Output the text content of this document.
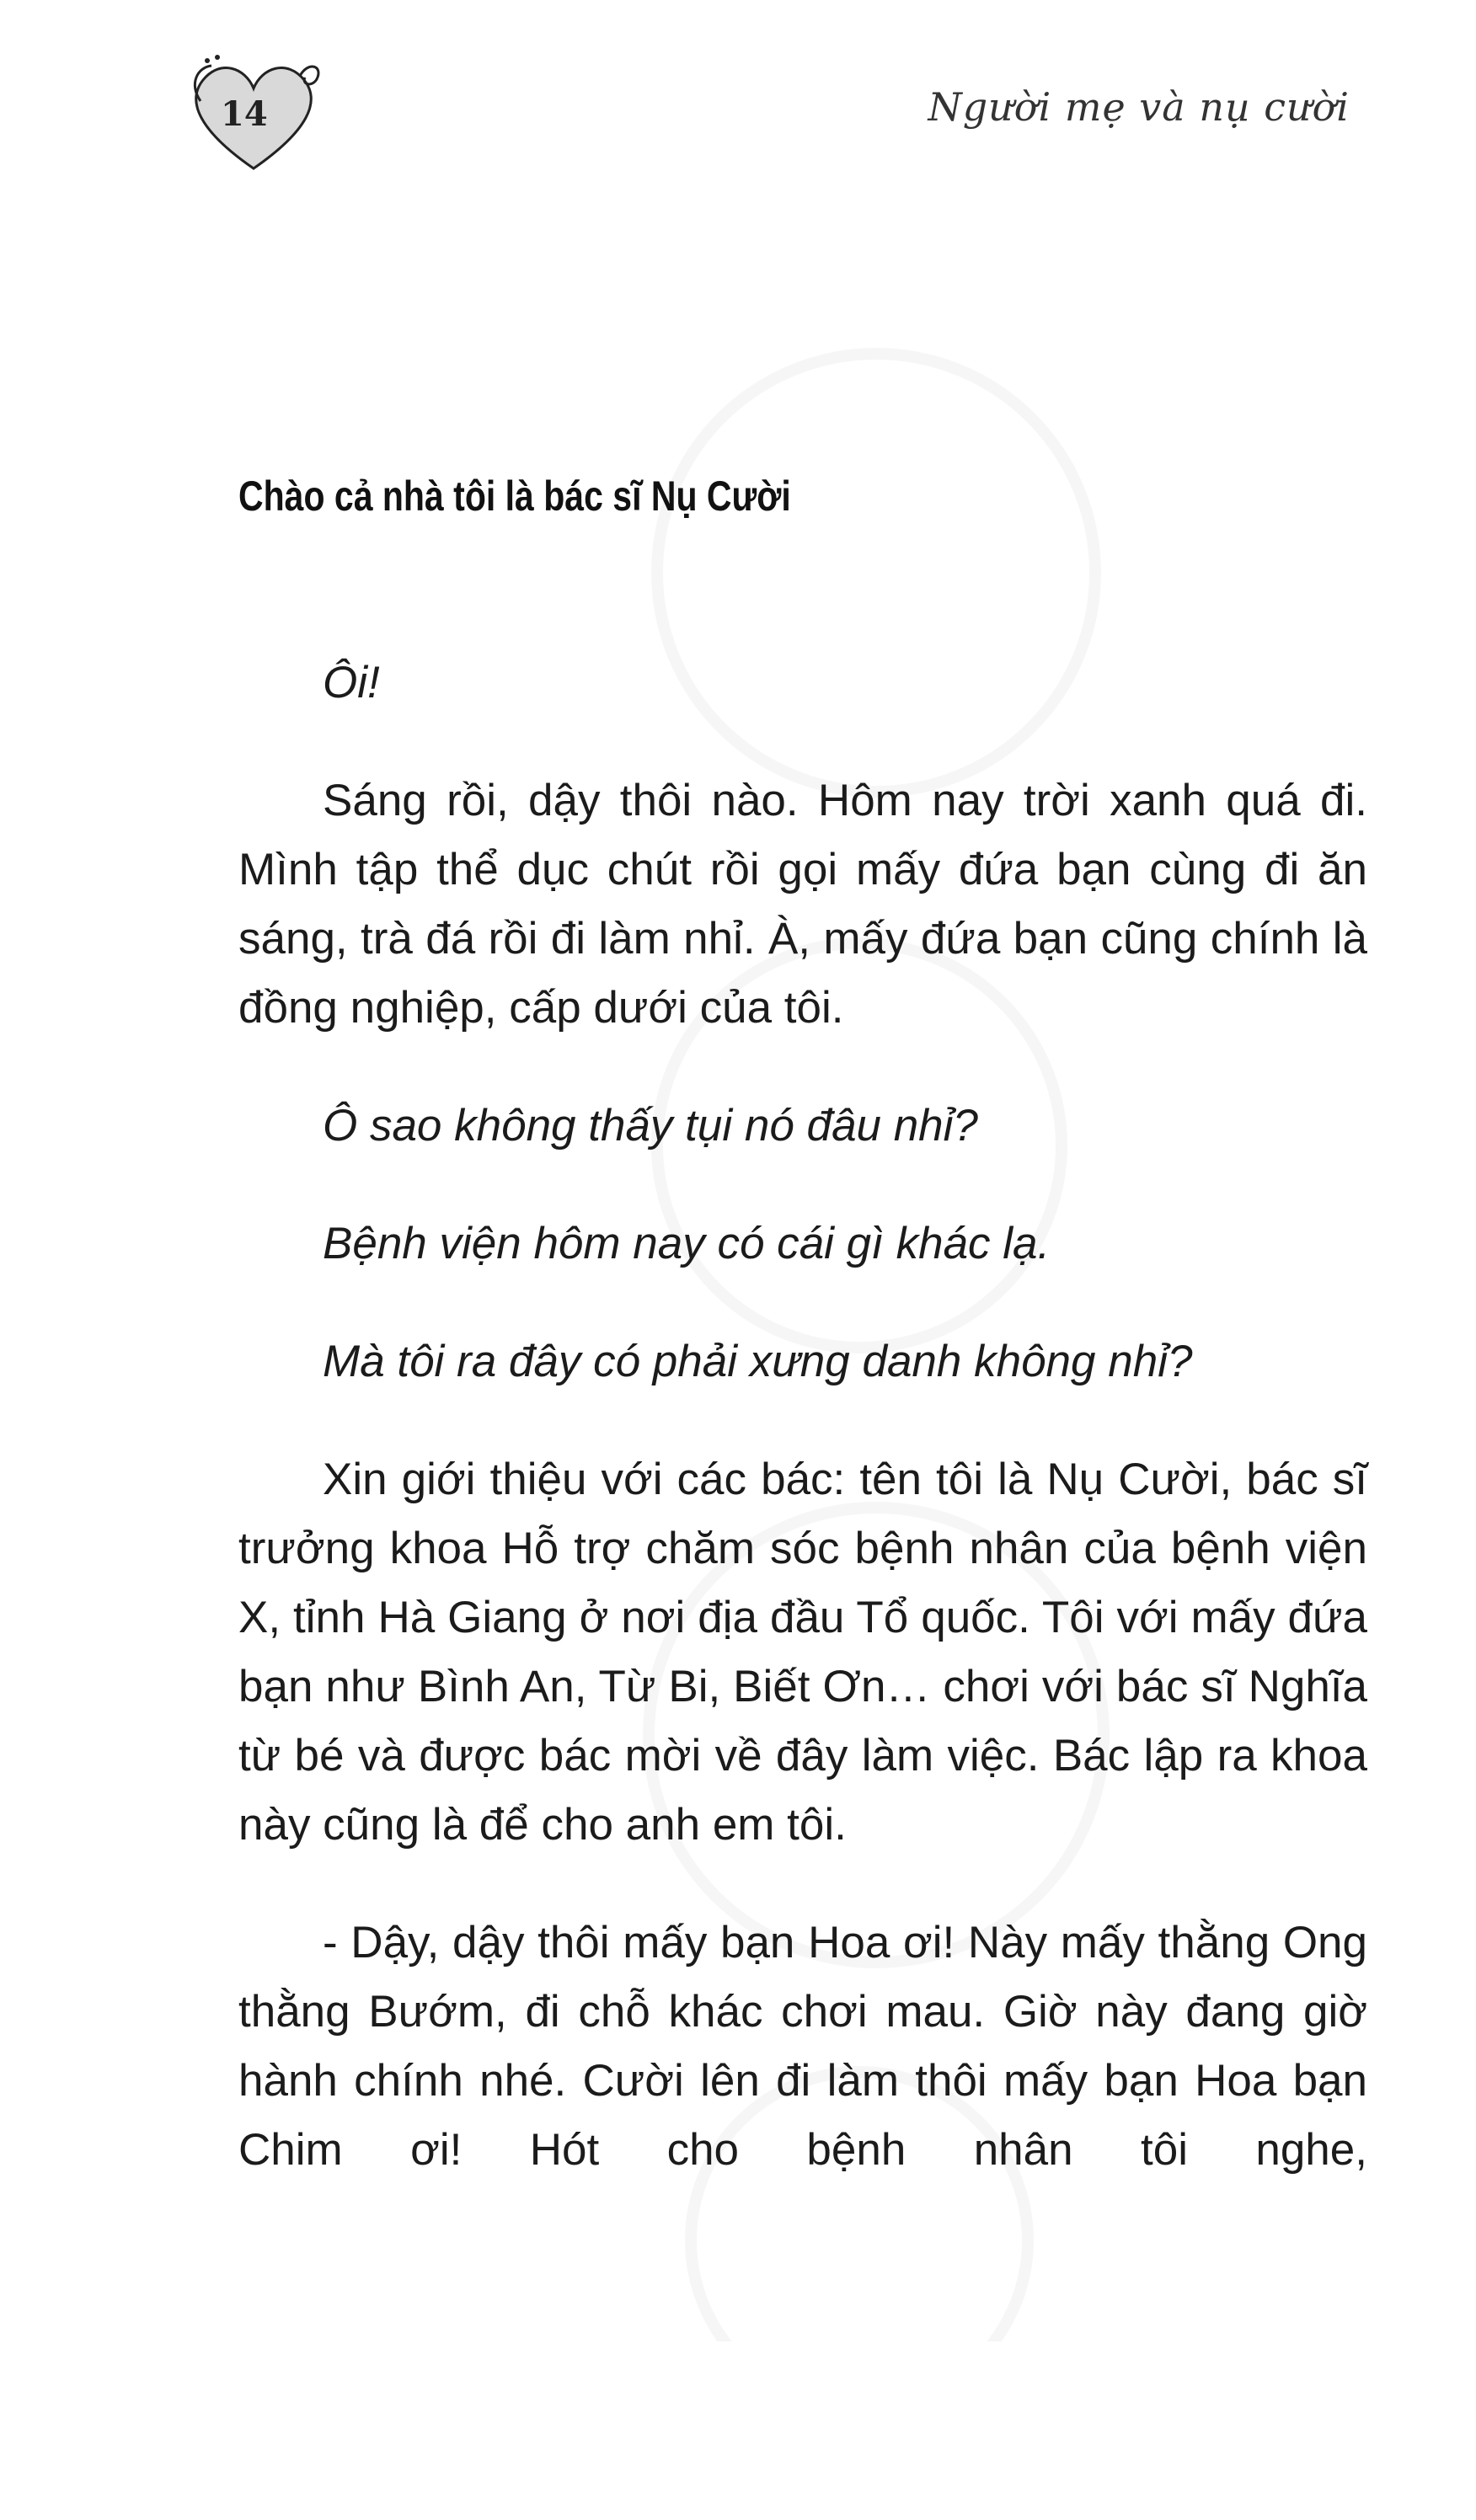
14	Người mẹ và nụ cười
Chào cả nhà tôi là bác sĩ Nụ Cười

Ôi!

Sáng rồi, dậy thôi nào. Hôm nay trời xanh quá đi. Mình tập thể dục chút rồi gọi mấy đứa bạn cùng đi ăn sáng, trà đá rồi đi làm nhỉ. À, mấy đứa bạn cũng chính là đồng nghiệp, cấp dưới của tôi.

Ô sao không thấy tụi nó đâu nhỉ?

Bệnh viện hôm nay có cái gì khác lạ.

Mà tôi ra đây có phải xưng danh không nhỉ?

Xin giới thiệu với các bác: tên tôi là Nụ Cười, bác sĩ trưởng khoa Hỗ trợ chăm sóc bệnh nhân của bệnh viện X, tỉnh Hà Giang ở nơi địa đầu Tổ quốc. Tôi với mấy đứa bạn như Bình An, Từ Bi, Biết Ơn… chơi với bác sĩ Nghĩa từ bé và được bác mời về đây làm việc. Bác lập ra khoa này cũng là để cho anh em tôi.

- Dậy, dậy thôi mấy bạn Hoa ơi! Này mấy thằng Ong thằng Bướm, đi chỗ khác chơi mau. Giờ này đang giờ hành chính nhé. Cười lên đi làm thôi mấy bạn Hoa bạn Chim ơi! Hót cho bệnh nhân tôi nghe,
